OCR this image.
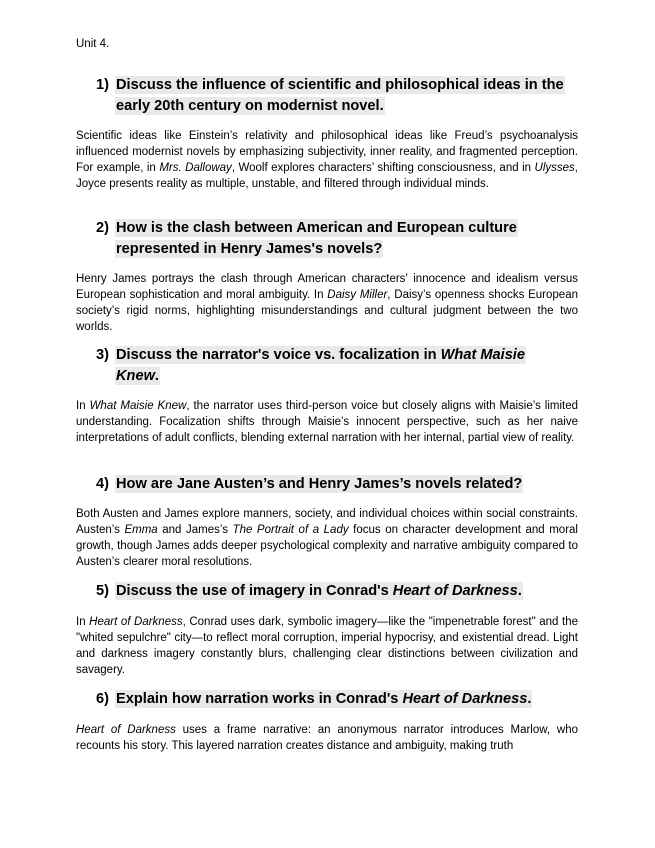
Unit 4.
1) Discuss the influence of scientific and philosophical ideas in the early 20th century on modernist novel.

Scientific ideas like Einstein’s relativity and philosophical ideas like Freud’s psychoanalysis influenced modernist novels by emphasizing subjectivity, inner reality, and fragmented perception. For example, in Mrs. Dalloway, Woolf explores characters’ shifting consciousness, and in Ulysses, Joyce presents reality as multiple, unstable, and filtered through individual minds.

2) How is the clash between American and European culture represented in Henry James's novels?

Henry James portrays the clash through American characters’ innocence and idealism versus European sophistication and moral ambiguity. In Daisy Miller, Daisy’s openness shocks European society’s rigid norms, highlighting misunderstandings and cultural judgment between the two worlds.

3) Discuss the narrator's voice vs. focalization in What Maisie Knew.

In What Maisie Knew, the narrator uses third-person voice but closely aligns with Maisie’s limited understanding. Focalization shifts through Maisie’s innocent perspective, such as her naive interpretations of adult conflicts, blending external narration with her internal, partial view of reality.

4) How are Jane Austen’s and Henry James’s novels related?

Both Austen and James explore manners, society, and individual choices within social constraints. Austen’s Emma and James’s The Portrait of a Lady focus on character development and moral growth, though James adds deeper psychological complexity and narrative ambiguity compared to Austen’s clearer moral resolutions.

5) Discuss the use of imagery in Conrad's Heart of Darkness.

In Heart of Darkness, Conrad uses dark, symbolic imagery—like the "impenetrable forest" and the "whited sepulchre" city—to reflect moral corruption, imperial hypocrisy, and existential dread. Light and darkness imagery constantly blurs, challenging clear distinctions between civilization and savagery.

6) Explain how narration works in Conrad's Heart of Darkness.

Heart of Darkness uses a frame narrative: an anonymous narrator introduces Marlow, who recounts his story. This layered narration creates distance and ambiguity, making truth
